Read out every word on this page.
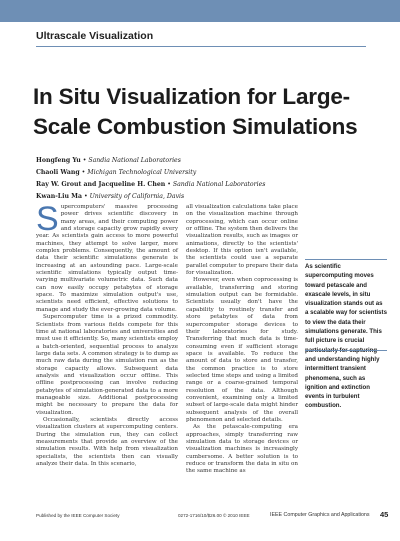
Ultrascale Visualization
In Situ Visualization for Large-Scale Combustion Simulations
Hongfeng Yu • Sandia National Laboratories
Chaoli Wang • Michigan Technological University
Ray W. Grout and Jacqueline H. Chen • Sandia National Laboratories
Kwan-Liu Ma • University of California, Davis

Supercomputers' massive processing power drives scientific discovery in many areas, and their computing power and storage capacity grow rapidly every year. As scientists gain access to more powerful machines, they attempt to solve larger, more complex problems. Consequently, the amount of data their scientific simulations generate is increasing at an astounding pace. Large-scale scientific simulations typically output time-varying multivariate volumetric data. Such data can now easily occupy petabytes of storage space. To maximize simulation output's use, scientists need efficient, effective solutions to manage and study the ever-growing data volume.

Supercomputer time is a prized commodity. Scientists from various fields compete for this time at national laboratories and universities and must use it efficiently. So, many scientists employ a batch-oriented, sequential process to analyze large data sets. A common strategy is to dump as much raw data during the simulation run as the storage capacity allows. Subsequent data analysis and visualization occur offline. This offline postprocessing can involve reducing petabytes of simulation-generated data to a more manageable size. Additional postprocessing might be necessary to prepare the data for visualization.

Occasionally, scientists directly access visualization clusters at supercomputing centers. During the simulation run, they can collect measurements that provide an overview of the simulation results. With help from visualization specialists, the scientists then can visually analyze their data. In this scenario,

all visualization calculations take place on the visualization machine through coprocessing, which can occur online or offline. The system then delivers the visualization results, such as images or animations, directly to the scientists' desktop. If this option isn't available, the scientists could use a separate parallel computer to prepare their data for visualization.

However, even when coprocessing is available, transferring and storing simulation output can be formidable. Scientists usually don't have the capability to routinely transfer and store petabytes of data from supercomputer storage devices to their laboratories for study. Transferring that much data is time-consuming even if sufficient storage space is available. To reduce the amount of data to store and transfer, the common practice is to store selected time steps and using a limited range or a coarse-grained temporal resolution of the data. Although convenient, examining only a limited subset of large-scale data might hinder subsequent analysis of the overall phenomenon and selected details.

As the petascale-computing era approaches, simply transferring raw simulation data to storage devices or visualization machines is increasingly cumbersome. A better solution is to reduce or transform the data in situ on the same machine as

As scientific supercomputing moves toward petascale and exascale levels, in situ visualization stands out as a scalable way for scientists to view the data their simulations generate. This full picture is crucial and understanding highly intermittent transient phenomena, such as ignition and extinction events in turbulent combustion.
Published by the IEEE Computer Society	0272-1716/10/$26.00 © 2010 IEEE	IEEE Computer Graphics and Applications 45
